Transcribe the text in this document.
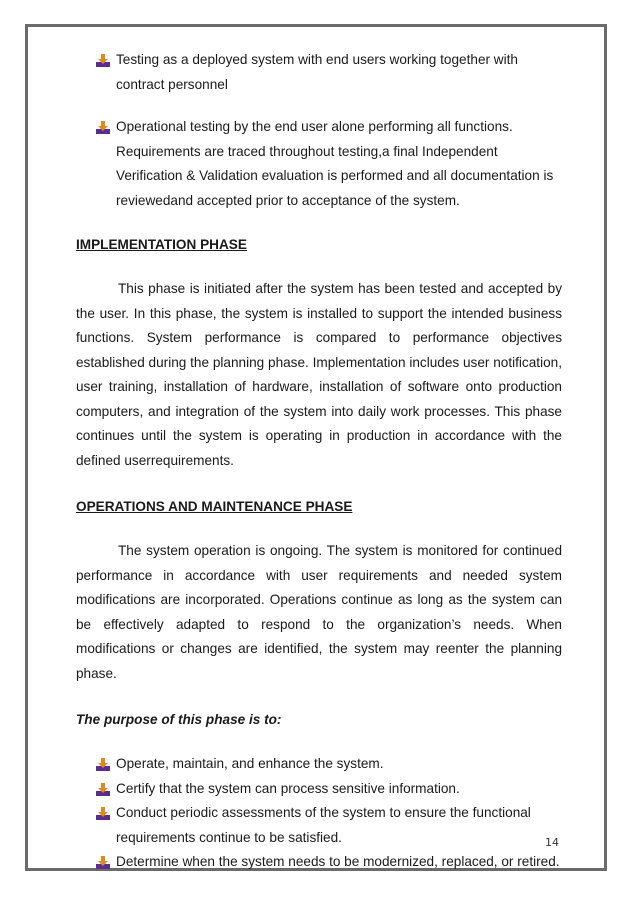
Testing as a deployed system with end users working together with contract personnel
Operational testing by the end user alone performing all functions. Requirements are traced throughout testing,a final Independent Verification & Validation evaluation is performed and all documentation is reviewedand accepted prior to acceptance of the system.
IMPLEMENTATION PHASE

This phase is initiated after the system has been tested and accepted by the user. In this phase, the system is installed to support the intended business functions. System performance is compared to performance objectives established during the planning phase. Implementation includes user notification, user training, installation of hardware, installation of software onto production computers, and integration of the system into daily work processes. This phase continues until the system is operating in production in accordance with the defined userrequirements.

OPERATIONS AND MAINTENANCE PHASE

The system operation is ongoing. The system is monitored for continued performance in accordance with user requirements and needed system modifications are incorporated. Operations continue as long as the system can be effectively adapted to respond to the organization’s needs. When modifications or changes are identified, the system may reenter the planning phase.

The purpose of this phase is to:
Operate, maintain, and enhance the system.
Certify that the system can process sensitive information.
Conduct periodic assessments of the system to ensure the functional requirements continue to be satisfied.
Determine when the system needs to be modernized, replaced, or retired.
14
